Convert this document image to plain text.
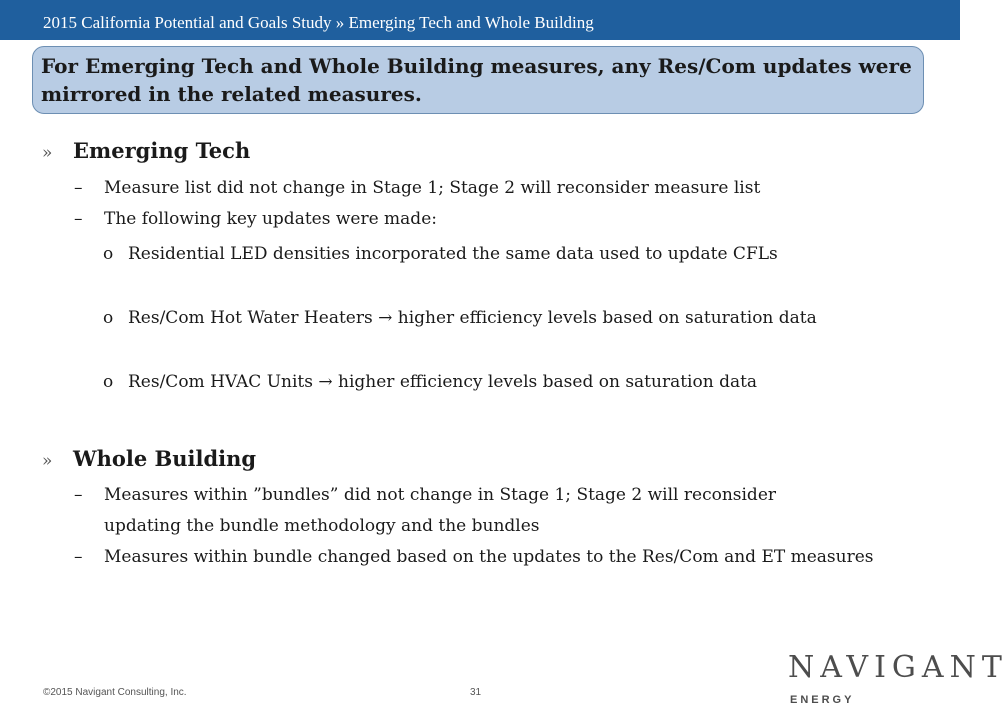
2015 California Potential and Goals Study » Emerging Tech and Whole Building
For Emerging Tech and Whole Building measures, any Res/Com updates were mirrored in the related measures.
» Emerging Tech
– Measure list did not change in Stage 1; Stage 2 will reconsider measure list
– The following key updates were made:
o Residential LED densities incorporated the same data used to update CFLs
o Res/Com Hot Water Heaters → higher efficiency levels based on saturation data
o Res/Com HVAC Units → higher efficiency levels based on saturation data
» Whole Building
– Measures within ”bundles” did not change in Stage 1; Stage 2 will reconsider updating the bundle methodology and the bundles
– Measures within bundle changed based on the updates to the Res/Com and ET measures
©2015 Navigant Consulting, Inc.	31
NAVIGANT
ENERGY
